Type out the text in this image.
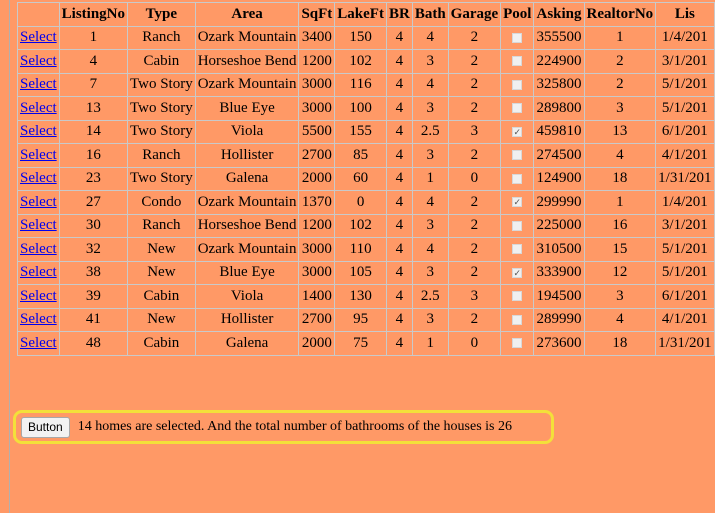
	ListingNo	Type	Area	SqFt	LakeFt	BR	Bath	Garage	Pool	Asking	RealtorNo	Lis
Select	1	Ranch	Ozark Mountain	3400	150	4	4	2		355500	1	1/4/201
Select	4	Cabin	Horseshoe Bend	1200	102	4	3	2		224900	2	3/1/201
Select	7	Two Story	Ozark Mountain	3000	116	4	4	2		325800	2	5/1/201
Select	13	Two Story	Blue Eye	3000	100	4	3	2		289800	3	5/1/201
Select	14	Two Story	Viola	5500	155	4	2.5	3	✓	459810	13	6/1/201
Select	16	Ranch	Hollister	2700	85	4	3	2		274500	4	4/1/201
Select	23	Two Story	Galena	2000	60	4	1	0		124900	18	1/31/201
Select	27	Condo	Ozark Mountain	1370	0	4	4	2	✓	299990	1	1/4/201
Select	30	Ranch	Horseshoe Bend	1200	102	4	3	2		225000	16	3/1/201
Select	32	New	Ozark Mountain	3000	110	4	4	2		310500	15	5/1/201
Select	38	New	Blue Eye	3000	105	4	3	2	✓	333900	12	5/1/201
Select	39	Cabin	Viola	1400	130	4	2.5	3		194500	3	6/1/201
Select	41	New	Hollister	2700	95	4	3	2		289990	4	4/1/201
Select	48	Cabin	Galena	2000	75	4	1	0		273600	18	1/31/201
Button	14 homes are selected. And the total number of bathrooms of the houses is 26
